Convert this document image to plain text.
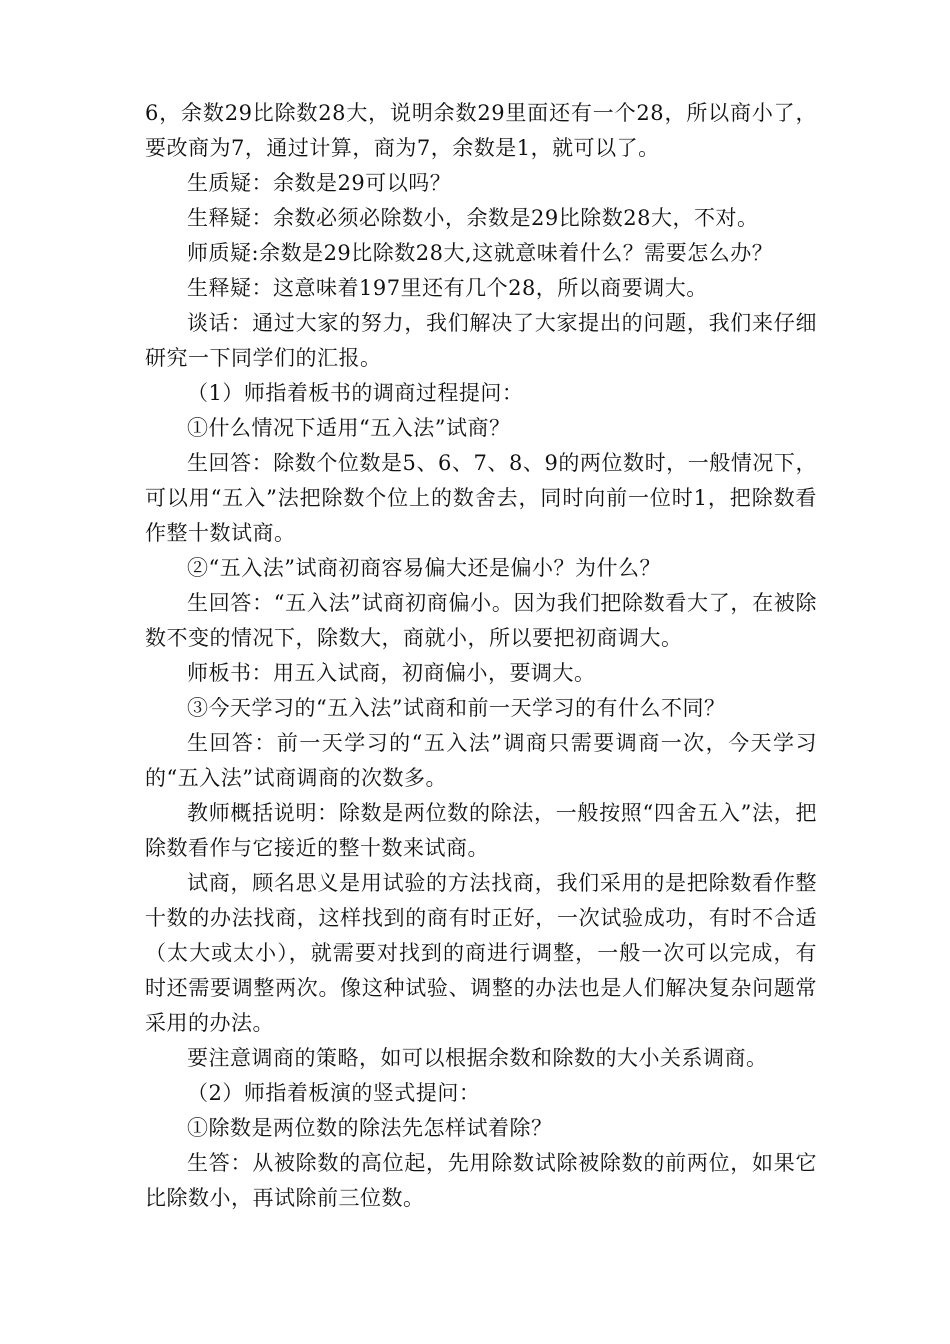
6，余数29比除数28大，说明余数29里面还有一个28，所以商小了，要改商为7，通过计算，商为7，余数是1，就可以了。

生质疑：余数是29可以吗？

生释疑：余数必须必除数小，余数是29比除数28大，不对。

师质疑:余数是29比除数28大,这就意味着什么？需要怎么办？

生释疑：这意味着197里还有几个28，所以商要调大。

谈话：通过大家的努力，我们解决了大家提出的问题，我们来仔细研究一下同学们的汇报。

（1）师指着板书的调商过程提问：

①什么情况下适用“五入法”试商？

生回答：除数个位数是5、6、7、8、9的两位数时，一般情况下，可以用“五入”法把除数个位上的数舍去，同时向前一位时1，把除数看作整十数试商。

②“五入法”试商初商容易偏大还是偏小？为什么？

生回答：“五入法”试商初商偏小。因为我们把除数看大了，在被除数不变的情况下，除数大，商就小，所以要把初商调大。

师板书：用五入试商，初商偏小，要调大。

③今天学习的“五入法”试商和前一天学习的有什么不同？

生回答：前一天学习的“五入法”调商只需要调商一次，今天学习的“五入法”试商调商的次数多。

教师概括说明：除数是两位数的除法，一般按照“四舍五入”法，把除数看作与它接近的整十数来试商。

试商，顾名思义是用试验的方法找商，我们采用的是把除数看作整十数的办法找商，这样找到的商有时正好，一次试验成功，有时不合适（太大或太小），就需要对找到的商进行调整，一般一次可以完成，有时还需要调整两次。像这种试验、调整的办法也是人们解决复杂问题常采用的办法。

要注意调商的策略，如可以根据余数和除数的大小关系调商。

（2）师指着板演的竖式提问：

①除数是两位数的除法先怎样试着除？

生答：从被除数的高位起，先用除数试除被除数的前两位，如果它比除数小，再试除前三位数。
